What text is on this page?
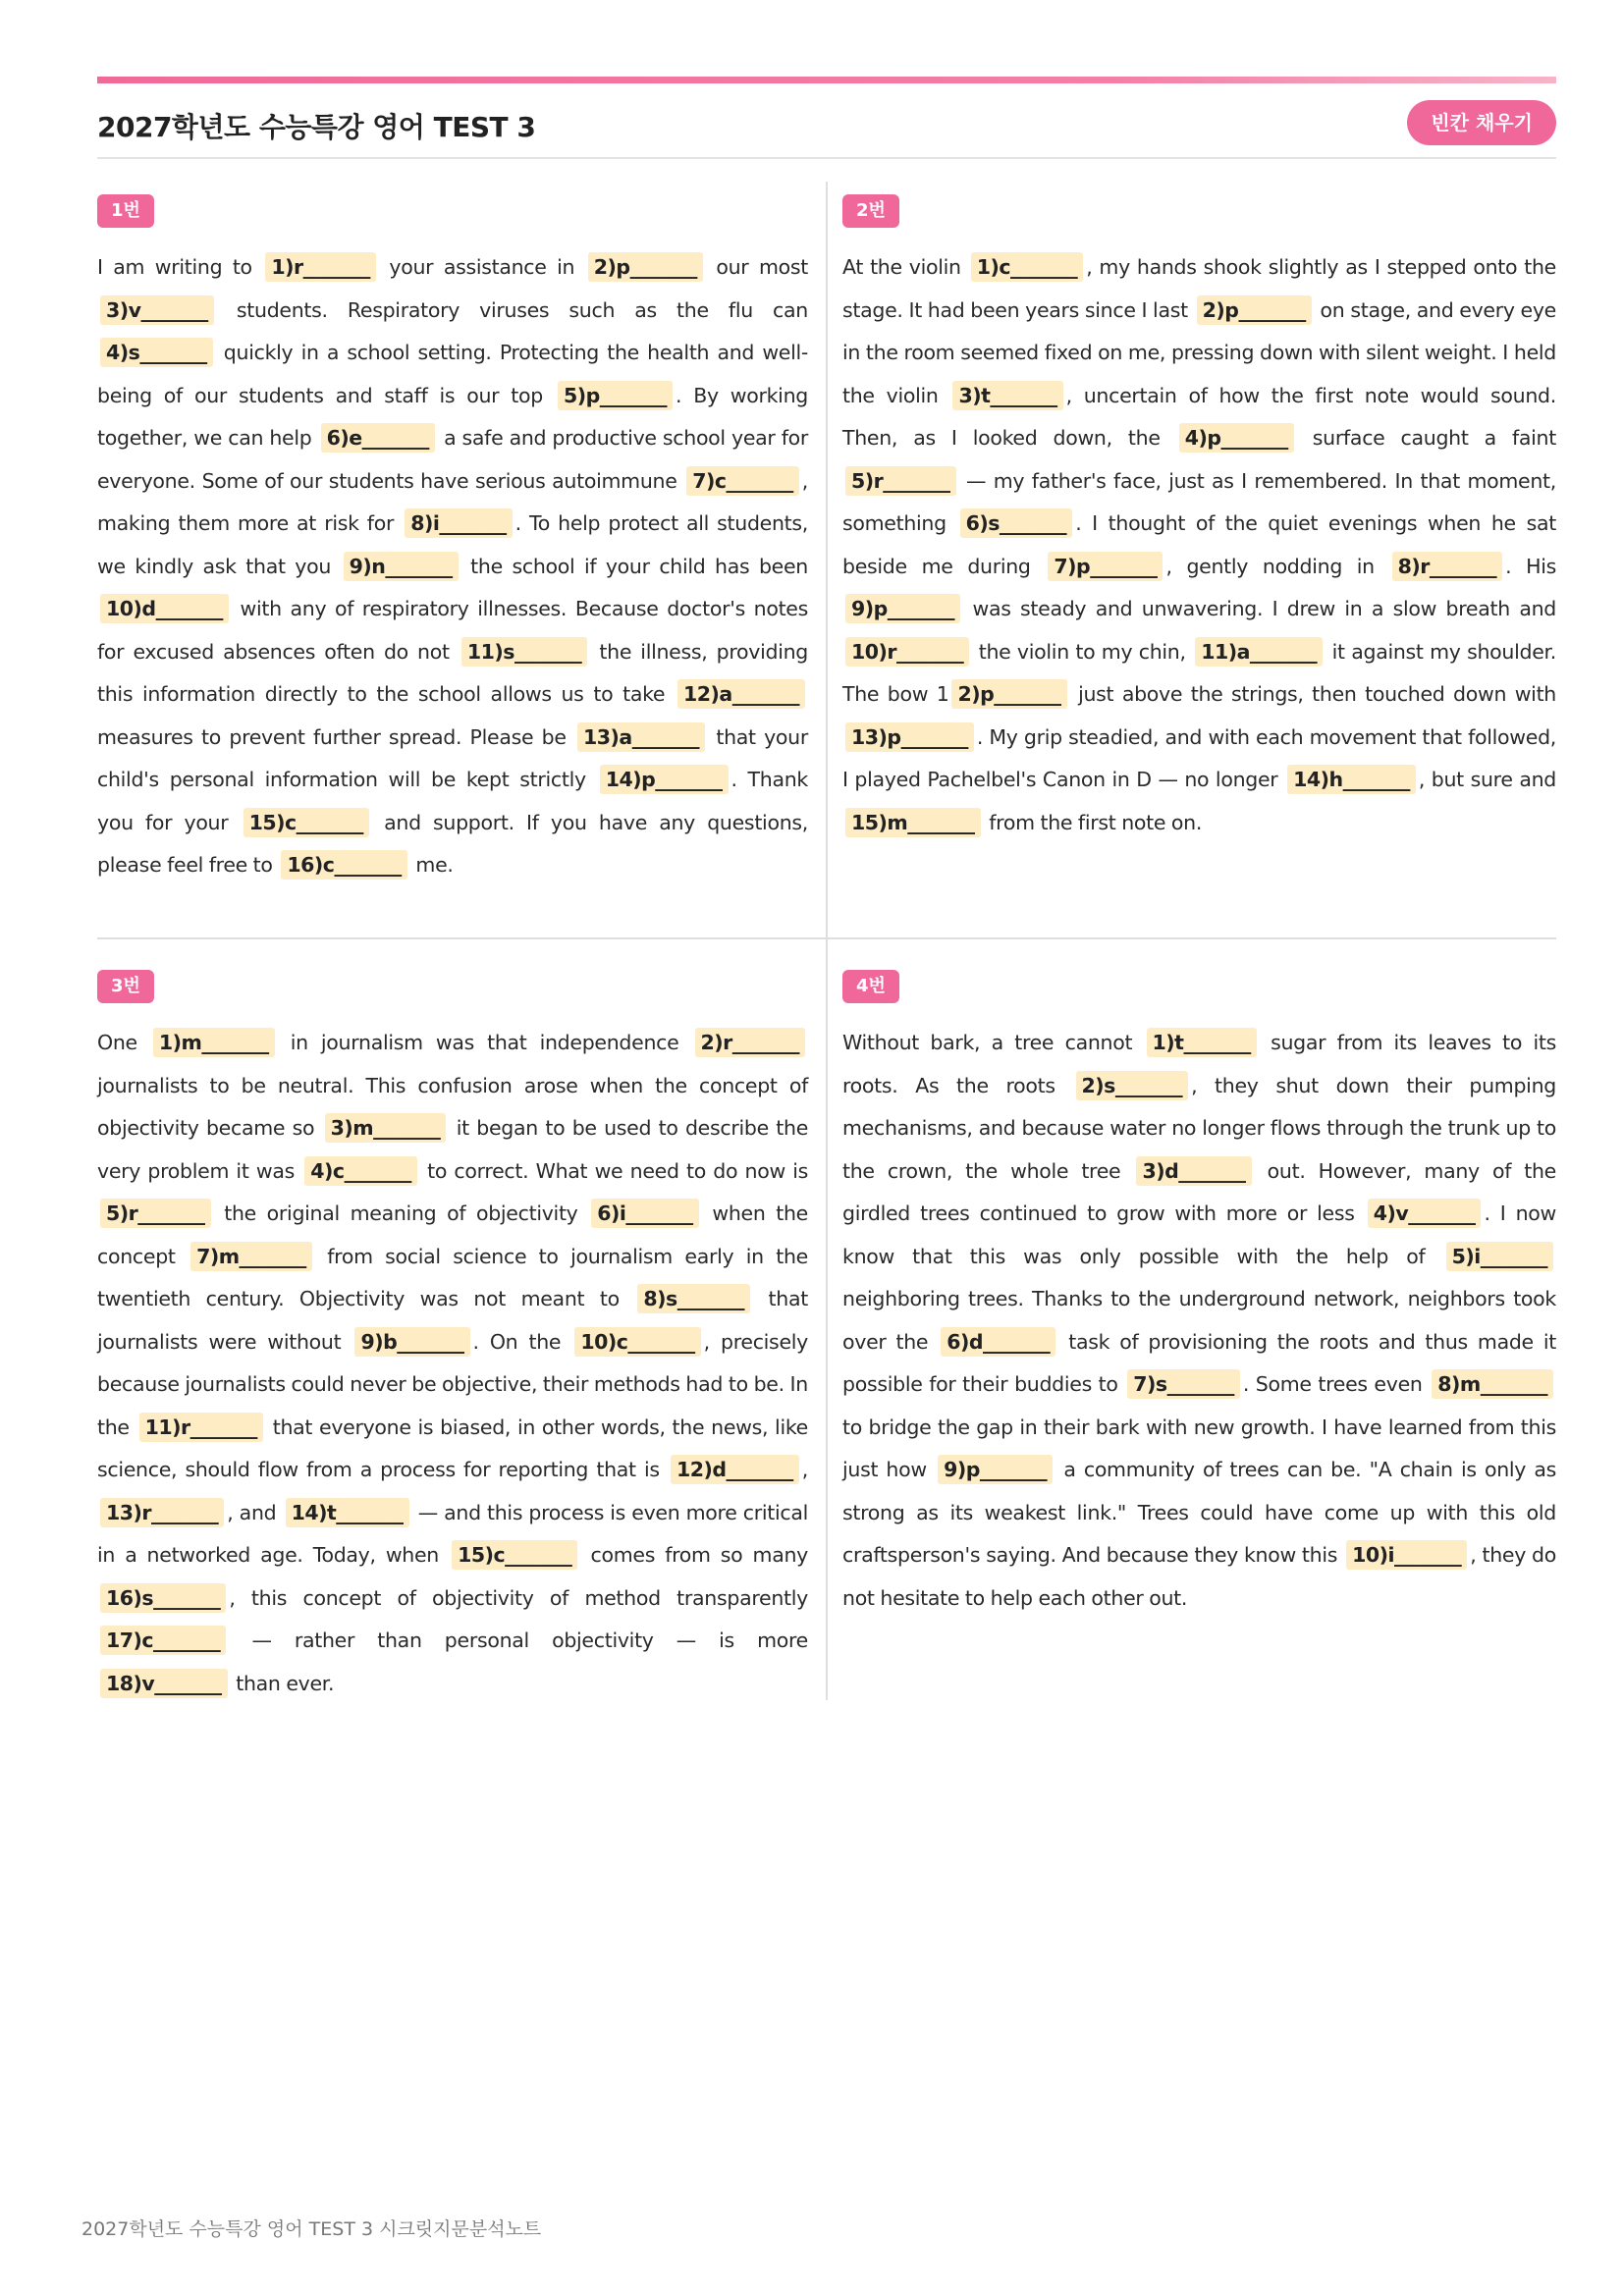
2027학년도 수능특강 영어 TEST 3	빈칸 채우기
1번
I am writing to 1)r_______ your assistance in 2)p_______ our most 3)v_______ students. Respiratory viruses such as the flu can 4)s_______ quickly in a school setting. Protecting the health and well-being of our students and staff is our top 5)p_______ . By working together, we can help 6)e_______ a safe and productive school year for everyone. Some of our students have serious autoimmune 7)c_______ , making them more at risk for 8)i_______ . To help protect all students, we kindly ask that you 9)n_______ the school if your child has been 10)d_______ with any of respiratory illnesses. Because doctor's notes for excused absences often do not 11)s_______ the illness, providing this information directly to the school allows us to take 12)a_______ measures to prevent further spread. Please be 13)a_______ that your child's personal information will be kept strictly 14)p_______ . Thank you for your 15)c_______ and support. If you have any questions, please feel free to 16)c_______ me.
2번
At the violin 1)c_______ , my hands shook slightly as I stepped onto the stage. It had been years since I last 2)p_______ on stage, and every eye in the room seemed fixed on me, pressing down with silent weight. I held the violin 3)t_______ , uncertain of how the first note would sound. Then, as I looked down, the 4)p_______ surface caught a faint 5)r_______ — my father's face, just as I remembered. In that moment, something 6)s_______ . I thought of the quiet evenings when he sat beside me during 7)p_______ , gently nodding in 8)r_______ . His 9)p_______ was steady and unwavering. I drew in a slow breath and 10)r_______ the violin to my chin, 11)a_______ it against my shoulder. The bow 1 2)p_______ just above the strings, then touched down with 13)p_______ . My grip steadied, and with each movement that followed, I played Pachelbel's Canon in D — no longer 14)h_______ , but sure and 15)m_______ from the first note on.
3번
One 1)m_______ in journalism was that independence 2)r_______ journalists to be neutral. This confusion arose when the concept of objectivity became so 3)m_______ it began to be used to describe the very problem it was 4)c_______ to correct. What we need to do now is 5)r_______ the original meaning of objectivity 6)i_______ when the concept 7)m_______ from social science to journalism early in the twentieth century. Objectivity was not meant to 8)s_______ that journalists were without 9)b_______ . On the 10)c_______ , precisely because journalists could never be objective, their methods had to be. In the 11)r_______ that everyone is biased, in other words, the news, like science, should flow from a process for reporting that is 12)d_______ , 13)r_______ , and 14)t_______ — and this process is even more critical in a networked age. Today, when 15)c_______ comes from so many 16)s_______ , this concept of objectivity of method transparently 17)c_______ — rather than personal objectivity — is more 18)v_______ than ever.
4번
Without bark, a tree cannot 1)t_______ sugar from its leaves to its roots. As the roots 2)s_______ , they shut down their pumping mechanisms, and because water no longer flows through the trunk up to the crown, the whole tree 3)d_______ out. However, many of the girdled trees continued to grow with more or less 4)v_______ . I now know that this was only possible with the help of 5)i_______ neighboring trees. Thanks to the underground network, neighbors took over the 6)d_______ task of provisioning the roots and thus made it possible for their buddies to 7)s_______ . Some trees even 8)m_______ to bridge the gap in their bark with new growth. I have learned from this just how 9)p_______ a community of trees can be. "A chain is only as strong as its weakest link." Trees could have come up with this old craftsperson's saying. And because they know this 10)i_______ , they do not hesitate to help each other out.
2027학년도 수능특강 영어 TEST 3 시크릿지문분석노트
